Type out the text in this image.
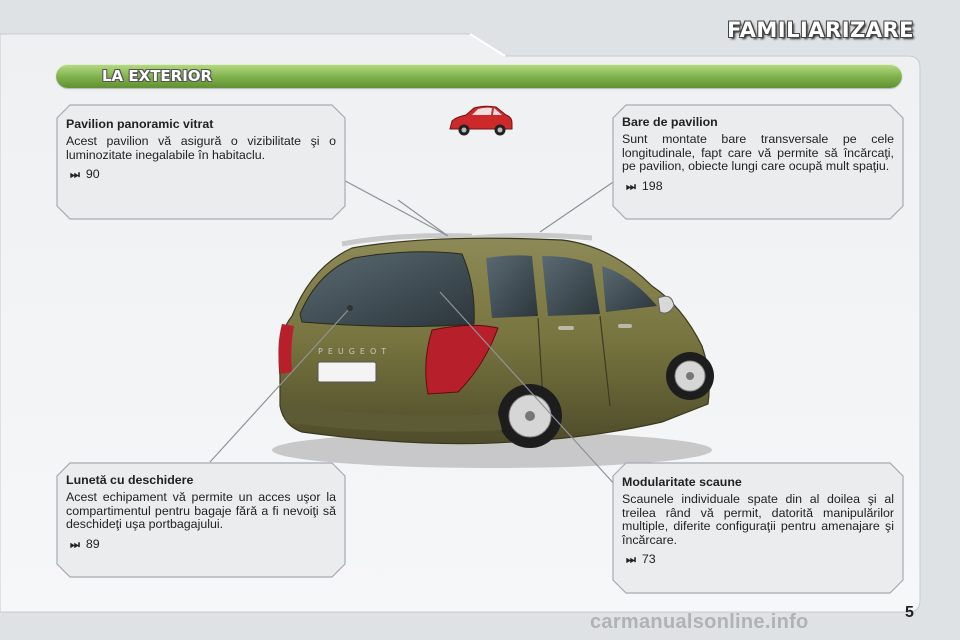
FAMILIARIZARE
LA EXTERIOR
PEUGEOT
Pavilion panoramic vitrat
Acest pavilion vă asigură o vizibilitate şi o luminozitate inegalabile în habitaclu.
⏭ 90
Bare de pavilion
Sunt montate bare transversale pe cele longitudinale, fapt care vă permite să încărcaţi, pe pavilion, obiecte lungi care ocupă mult spaţiu.
⏭ 198
Lunetă cu deschidere
Acest echipament vă permite un acces uşor la compartimentul pentru bagaje fără a fi nevoiţi să deschideţi uşa portbagajului.
⏭ 89
Modularitate scaune
Scaunele individuale spate din al doilea şi al treilea rând vă permit, datorită manipulărilor multiple, diferite configuraţii pentru amenajare şi încărcare.
⏭ 73
carmanualsonline.info	5
